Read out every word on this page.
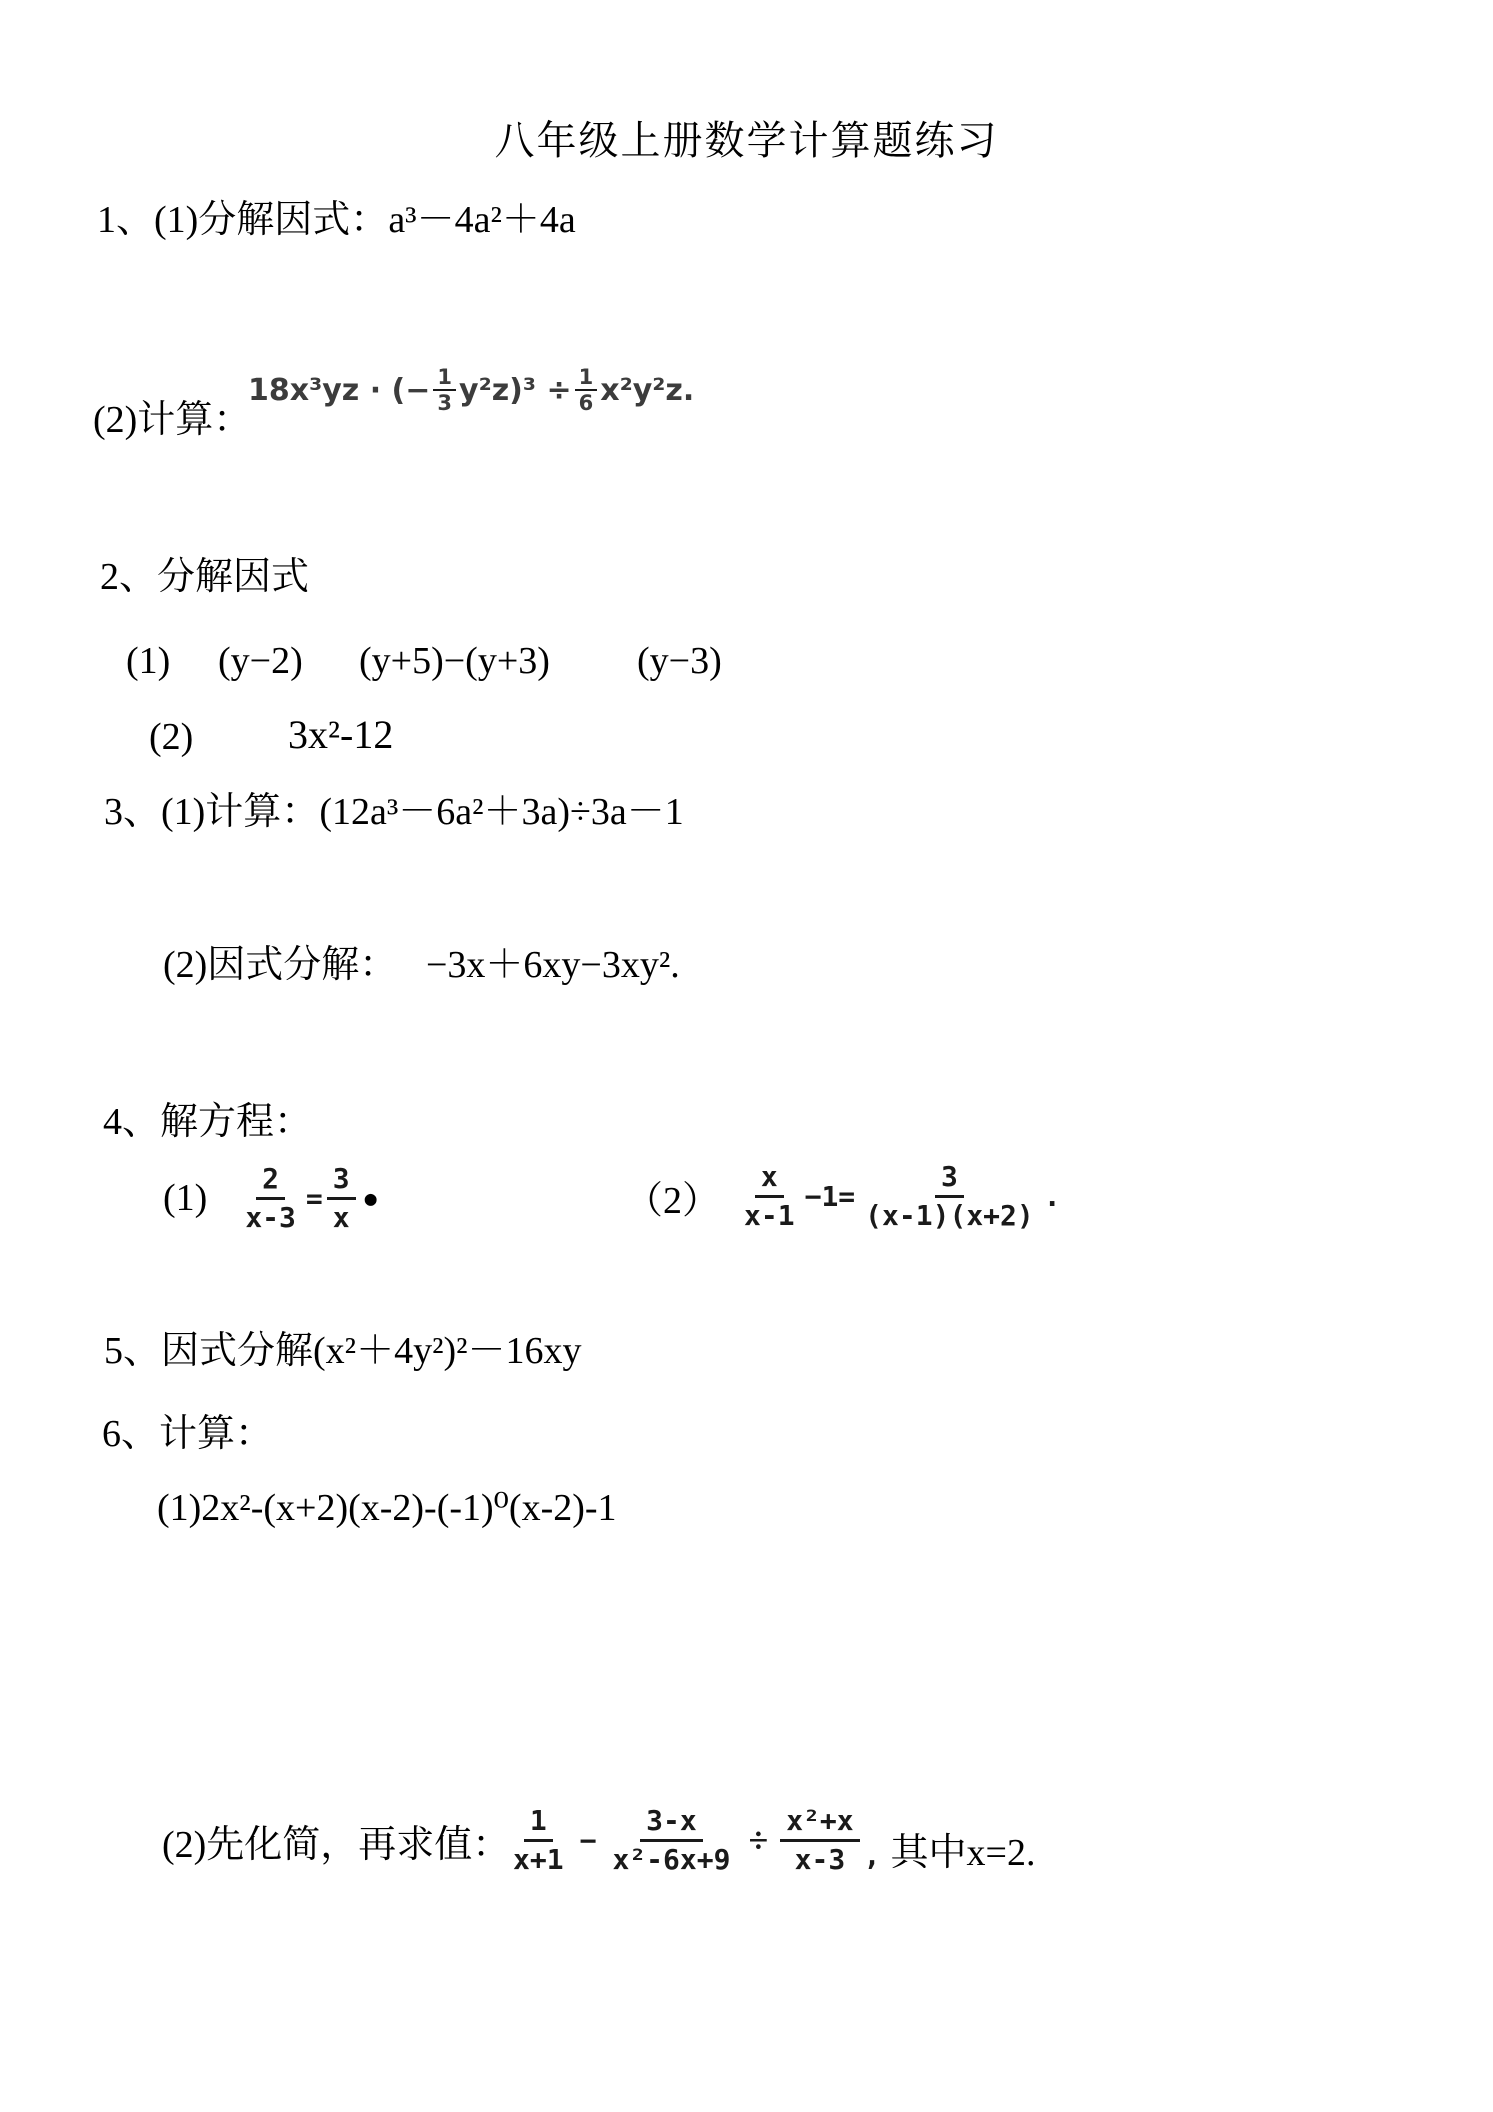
八年级上册数学计算题练习
1、(1)分解因式：a³－4a²＋4a
(2)计算：
18x³yz · (− $\frac{1}{3} y^2z)^3 \div \frac{1}{6} x^2y^2z$.
2、分解因式
(1) (y−2) (y+5)−(y+3) (y−3)
(2) 3x²-12
3、(1)计算：(12a³－6a²＋3a)÷3a－1
(2)因式分解： −3x＋6xy−3xy².
4、解方程：
$(1) \frac{2}{x-3} = \frac{3}{x}$ ●	$(2) \frac{x}{x-1} -1= \frac{3}{(x-1)(x+2)}$ .
5、因式分解(x²＋4y²)²－16xy
6、计算：
(1)2x²-(x+2)(x-2)-(-1)⁰(x-2)-1
(2)先化简，再求值：
$\frac{1}{x+1} - \frac{3-x}{\text{x²-6x+9}} \div \frac{\text{x²+x}}{x-3}$ , 其中x=2.
